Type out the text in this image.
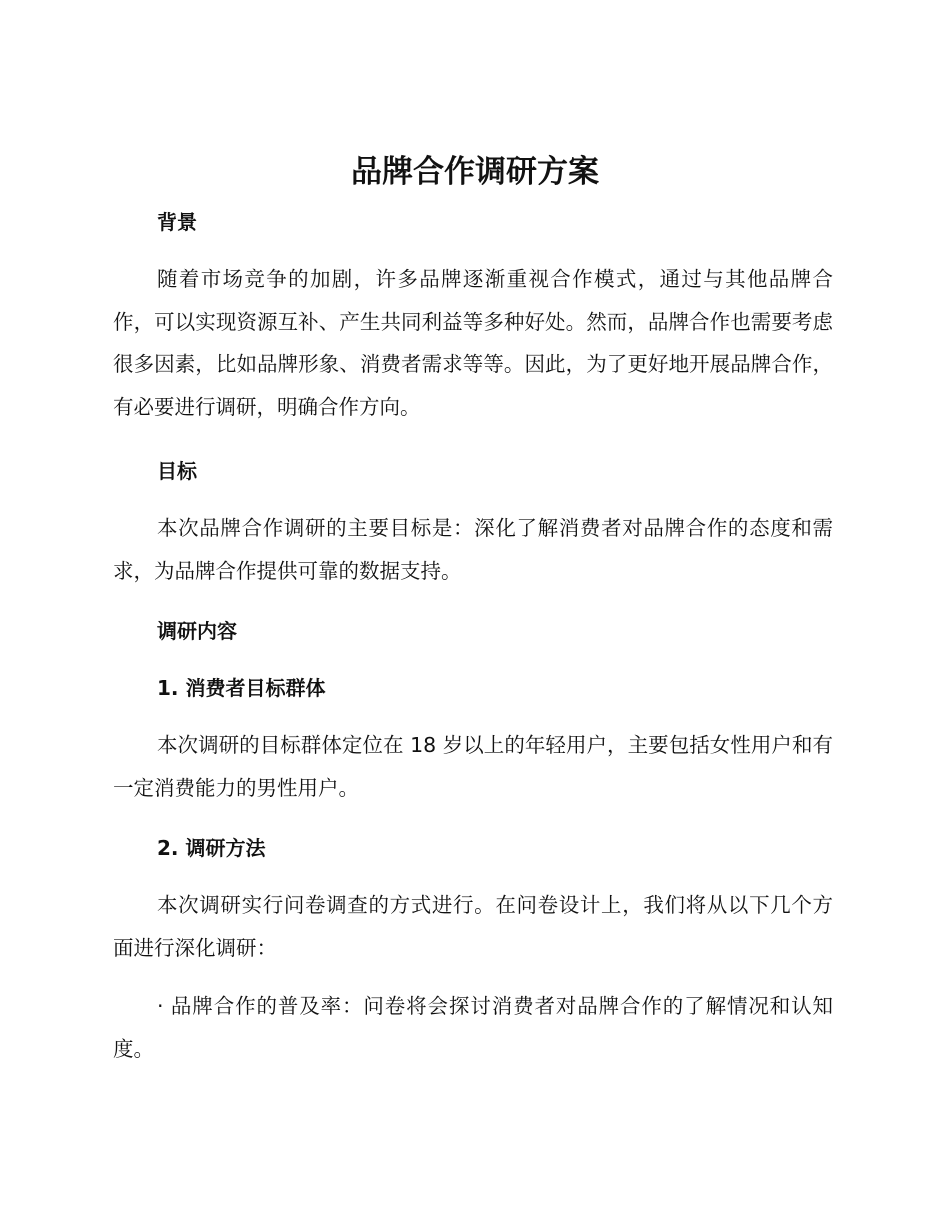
品牌合作调研方案
背景

随着市场竞争的加剧，许多品牌逐渐重视合作模式，通过与其他品牌合作，可以实现资源互补、产生共同利益等多种好处。然而，品牌合作也需要考虑很多因素，比如品牌形象、消费者需求等等。因此，为了更好地开展品牌合作，有必要进行调研，明确合作方向。

目标

本次品牌合作调研的主要目标是：深化了解消费者对品牌合作的态度和需求，为品牌合作提供可靠的数据支持。

调研内容
1. 消费者目标群体

本次调研的目标群体定位在 18 岁以上的年轻用户，主要包括女性用户和有一定消费能力的男性用户。

2. 调研方法

本次调研实行问卷调查的方式进行。在问卷设计上，我们将从以下几个方面进行深化调研：

· 品牌合作的普及率：问卷将会探讨消费者对品牌合作的了解情况和认知度。
